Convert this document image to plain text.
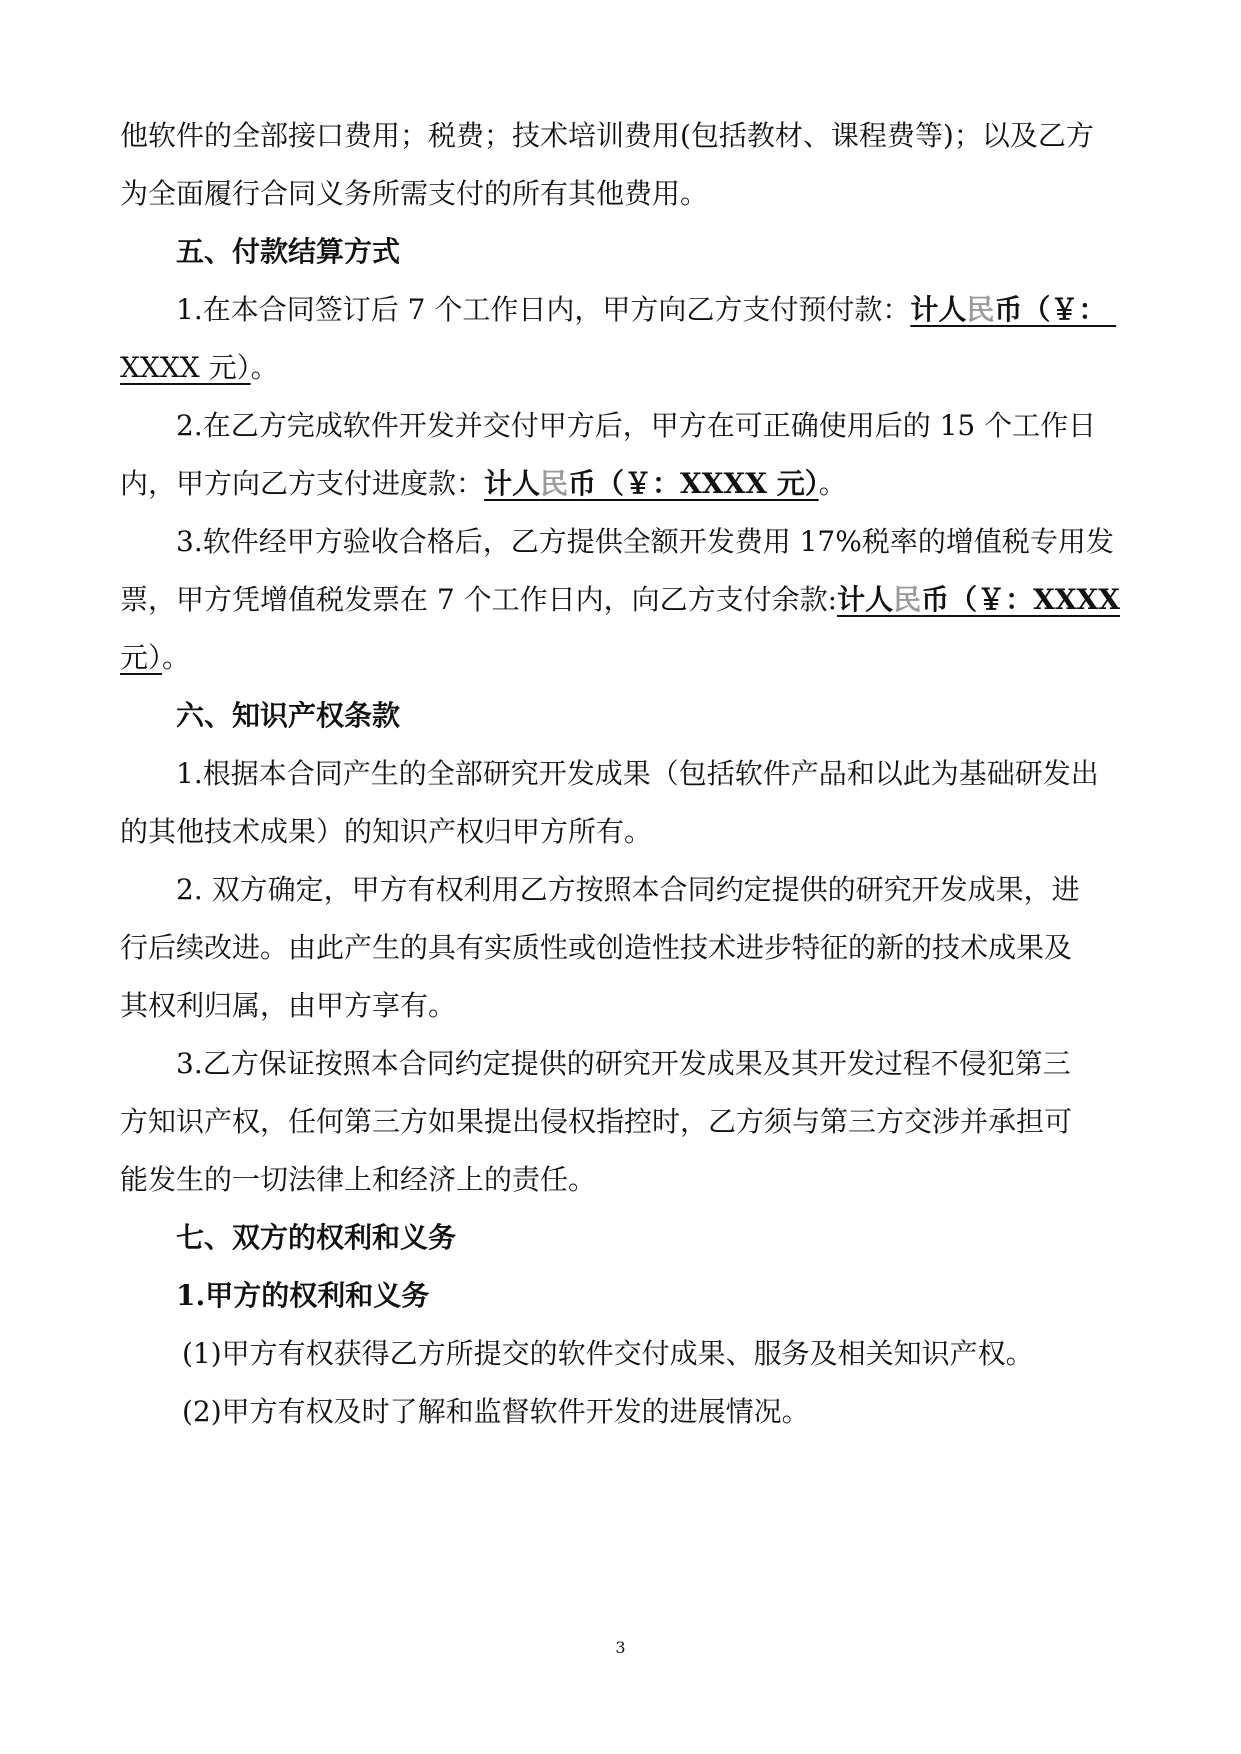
他软件的全部接口费用；税费；技术培训费用(包括教材、课程费等)；以及乙方
为全面履行合同义务所需支付的所有其他费用。
五、付款结算方式
1.在本合同签订后 7 个工作日内，甲方向乙方支付预付款：计人民币（￥：
XXXX 元）。
2.在乙方完成软件开发并交付甲方后，甲方在可正确使用后的 15 个工作日
内，甲方向乙方支付进度款：计人民币（￥：XXXX 元）。
3.软件经甲方验收合格后，乙方提供全额开发费用 17%税率的增值税专用发
票，甲方凭增值税发票在 7 个工作日内，向乙方支付余款:计人民币（￥：XXXX
元）。
六、知识产权条款
1.根据本合同产生的全部研究开发成果（包括软件产品和以此为基础研发出
的其他技术成果）的知识产权归甲方所有。
2. 双方确定，甲方有权利用乙方按照本合同约定提供的研究开发成果，进
行后续改进。由此产生的具有实质性或创造性技术进步特征的新的技术成果及
其权利归属，由甲方享有。
3.乙方保证按照本合同约定提供的研究开发成果及其开发过程不侵犯第三
方知识产权，任何第三方如果提出侵权指控时，乙方须与第三方交涉并承担可
能发生的一切法律上和经济上的责任。
七、双方的权利和义务
1.甲方的权利和义务
(1)甲方有权获得乙方所提交的软件交付成果、服务及相关知识产权。
(2)甲方有权及时了解和监督软件开发的进展情况。
3
